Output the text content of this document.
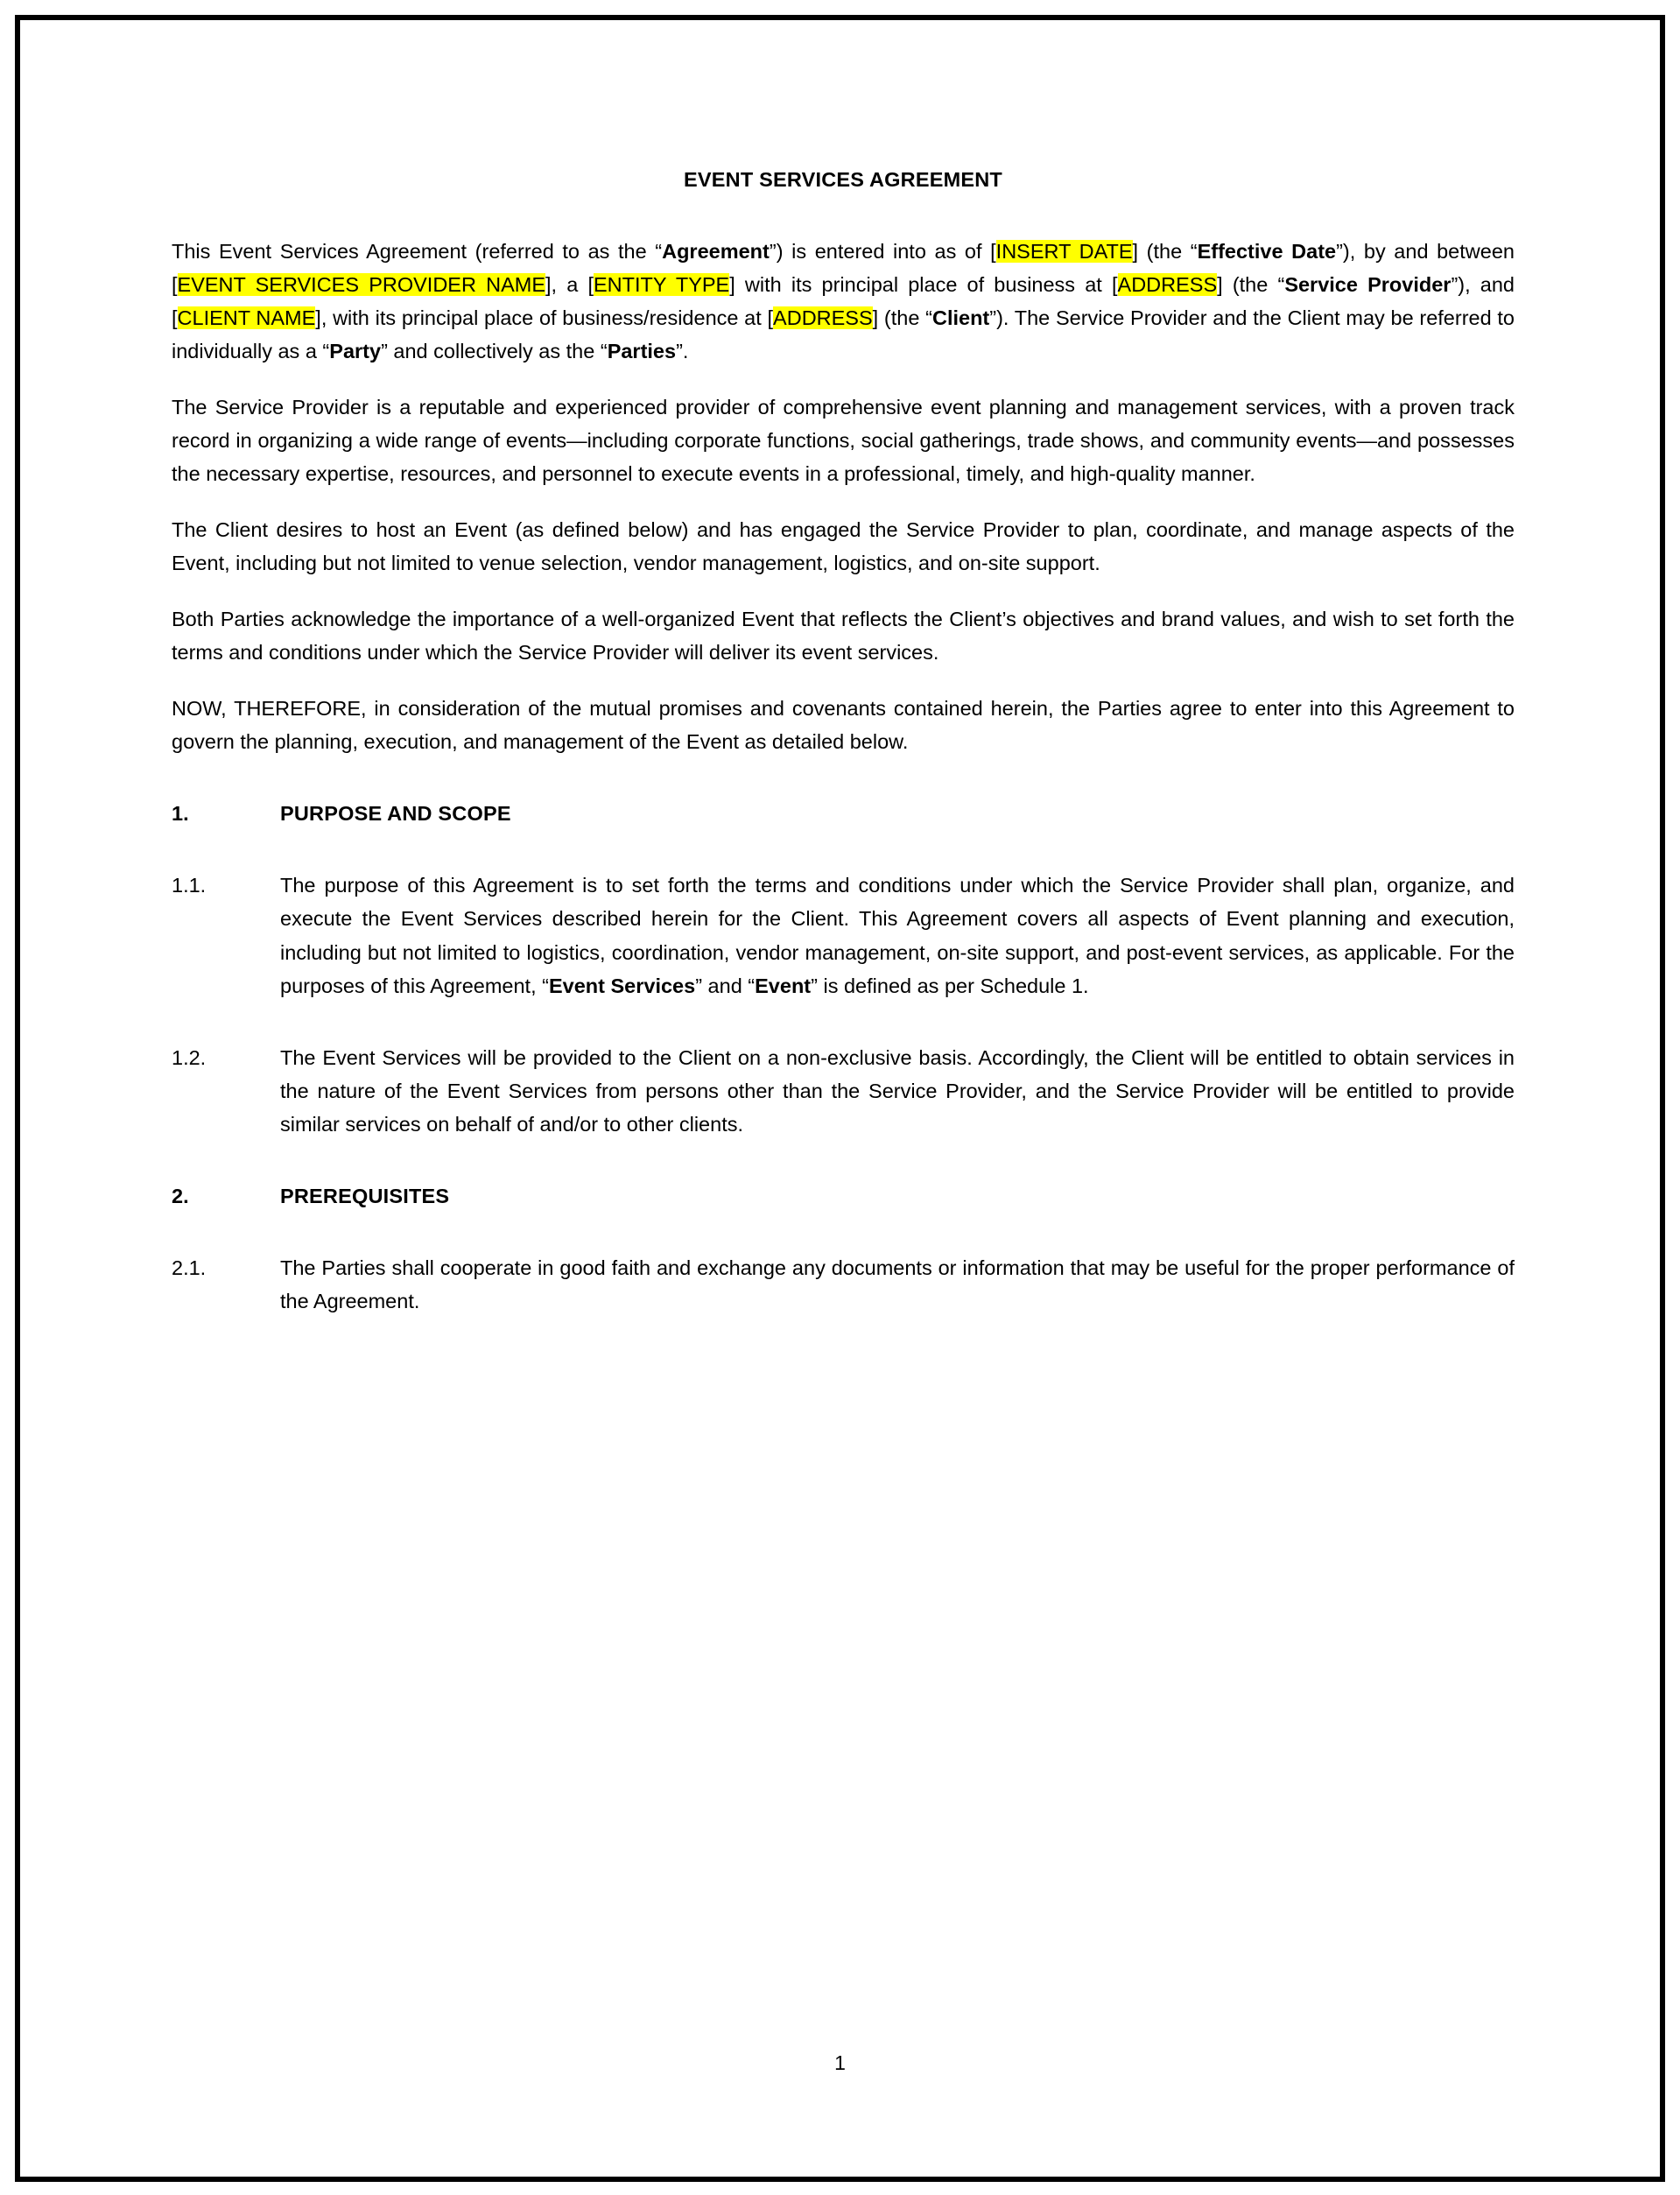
EVENT SERVICES AGREEMENT

This Event Services Agreement (referred to as the “Agreement”) is entered into as of [INSERT DATE] (the “Effective Date”), by and between [EVENT SERVICES PROVIDER NAME], a [ENTITY TYPE] with its principal place of business at [ADDRESS] (the “Service Provider”), and [CLIENT NAME], with its principal place of business/residence at [ADDRESS] (the “Client”). The Service Provider and the Client may be referred to individually as a “Party” and collectively as the “Parties”.

The Service Provider is a reputable and experienced provider of comprehensive event planning and management services, with a proven track record in organizing a wide range of events—including corporate functions, social gatherings, trade shows, and community events—and possesses the necessary expertise, resources, and personnel to execute events in a professional, timely, and high-quality manner.

The Client desires to host an Event (as defined below) and has engaged the Service Provider to plan, coordinate, and manage aspects of the Event, including but not limited to venue selection, vendor management, logistics, and on-site support.

Both Parties acknowledge the importance of a well-organized Event that reflects the Client’s objectives and brand values, and wish to set forth the terms and conditions under which the Service Provider will deliver its event services.

NOW, THEREFORE, in consideration of the mutual promises and covenants contained herein, the Parties agree to enter into this Agreement to govern the planning, execution, and management of the Event as detailed below.

1.	PURPOSE AND SCOPE
1.1.	The purpose of this Agreement is to set forth the terms and conditions under which the Service Provider shall plan, organize, and execute the Event Services described herein for the Client. This Agreement covers all aspects of Event planning and execution, including but not limited to logistics, coordination, vendor management, on-site support, and post-event services, as applicable. For the purposes of this Agreement, “Event Services” and “Event” is defined as per Schedule 1.
1.2.	The Event Services will be provided to the Client on a non-exclusive basis. Accordingly, the Client will be entitled to obtain services in the nature of the Event Services from persons other than the Service Provider, and the Service Provider will be entitled to provide similar services on behalf of and/or to other clients.
2.	PREREQUISITES
2.1.	The Parties shall cooperate in good faith and exchange any documents or information that may be useful for the proper performance of the Agreement.
1
